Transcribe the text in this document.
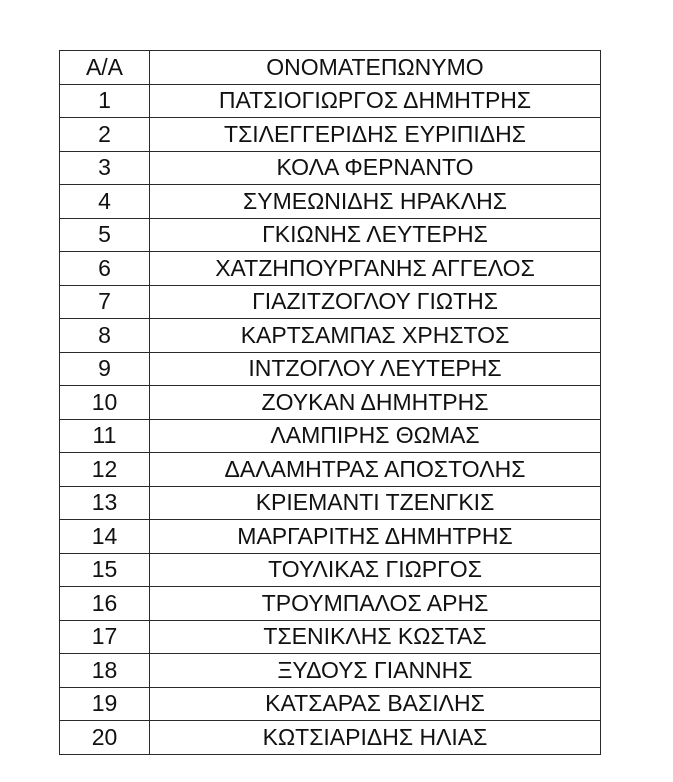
Α/Α	ΟΝΟΜΑΤΕΠΩΝΥΜΟ
1	ΠΑΤΣΙΟΓΙΩΡΓΟΣ ΔΗΜΗΤΡΗΣ
2	ΤΣΙΛΕΓΓΕΡΙΔΗΣ ΕΥΡΙΠΙΔΗΣ
3	ΚΟΛΑ ΦΕΡΝΑΝΤΟ
4	ΣΥΜΕΩΝΙΔΗΣ ΗΡΑΚΛΗΣ
5	ΓΚΙΩΝΗΣ ΛΕΥΤΕΡΗΣ
6	ΧΑΤΖΗΠΟΥΡΓΑΝΗΣ ΑΓΓΕΛΟΣ
7	ΓΙΑΖΙΤΖΟΓΛΟΥ ΓΙΩΤΗΣ
8	ΚΑΡΤΣΑΜΠΑΣ ΧΡΗΣΤΟΣ
9	ΙΝΤΖΟΓΛΟΥ ΛΕΥΤΕΡΗΣ
10	ΖΟΥΚΑΝ ΔΗΜΗΤΡΗΣ
11	ΛΑΜΠΙΡΗΣ ΘΩΜΑΣ
12	ΔΑΛΑΜΗΤΡΑΣ ΑΠΟΣΤΟΛΗΣ
13	ΚΡΙΕΜΑΝΤΙ ΤΖΕΝΓΚΙΣ
14	ΜΑΡΓΑΡΙΤΗΣ ΔΗΜΗΤΡΗΣ
15	ΤΟΥΛΙΚΑΣ ΓΙΩΡΓΟΣ
16	ΤΡΟΥΜΠΑΛΟΣ ΑΡΗΣ
17	ΤΣΕΝΙΚΛΗΣ ΚΩΣΤΑΣ
18	ΞΥΔΟΥΣ ΓΙΑΝΝΗΣ
19	ΚΑΤΣΑΡΑΣ ΒΑΣΙΛΗΣ
20	ΚΩΤΣΙΑΡΙΔΗΣ ΗΛΙΑΣ
